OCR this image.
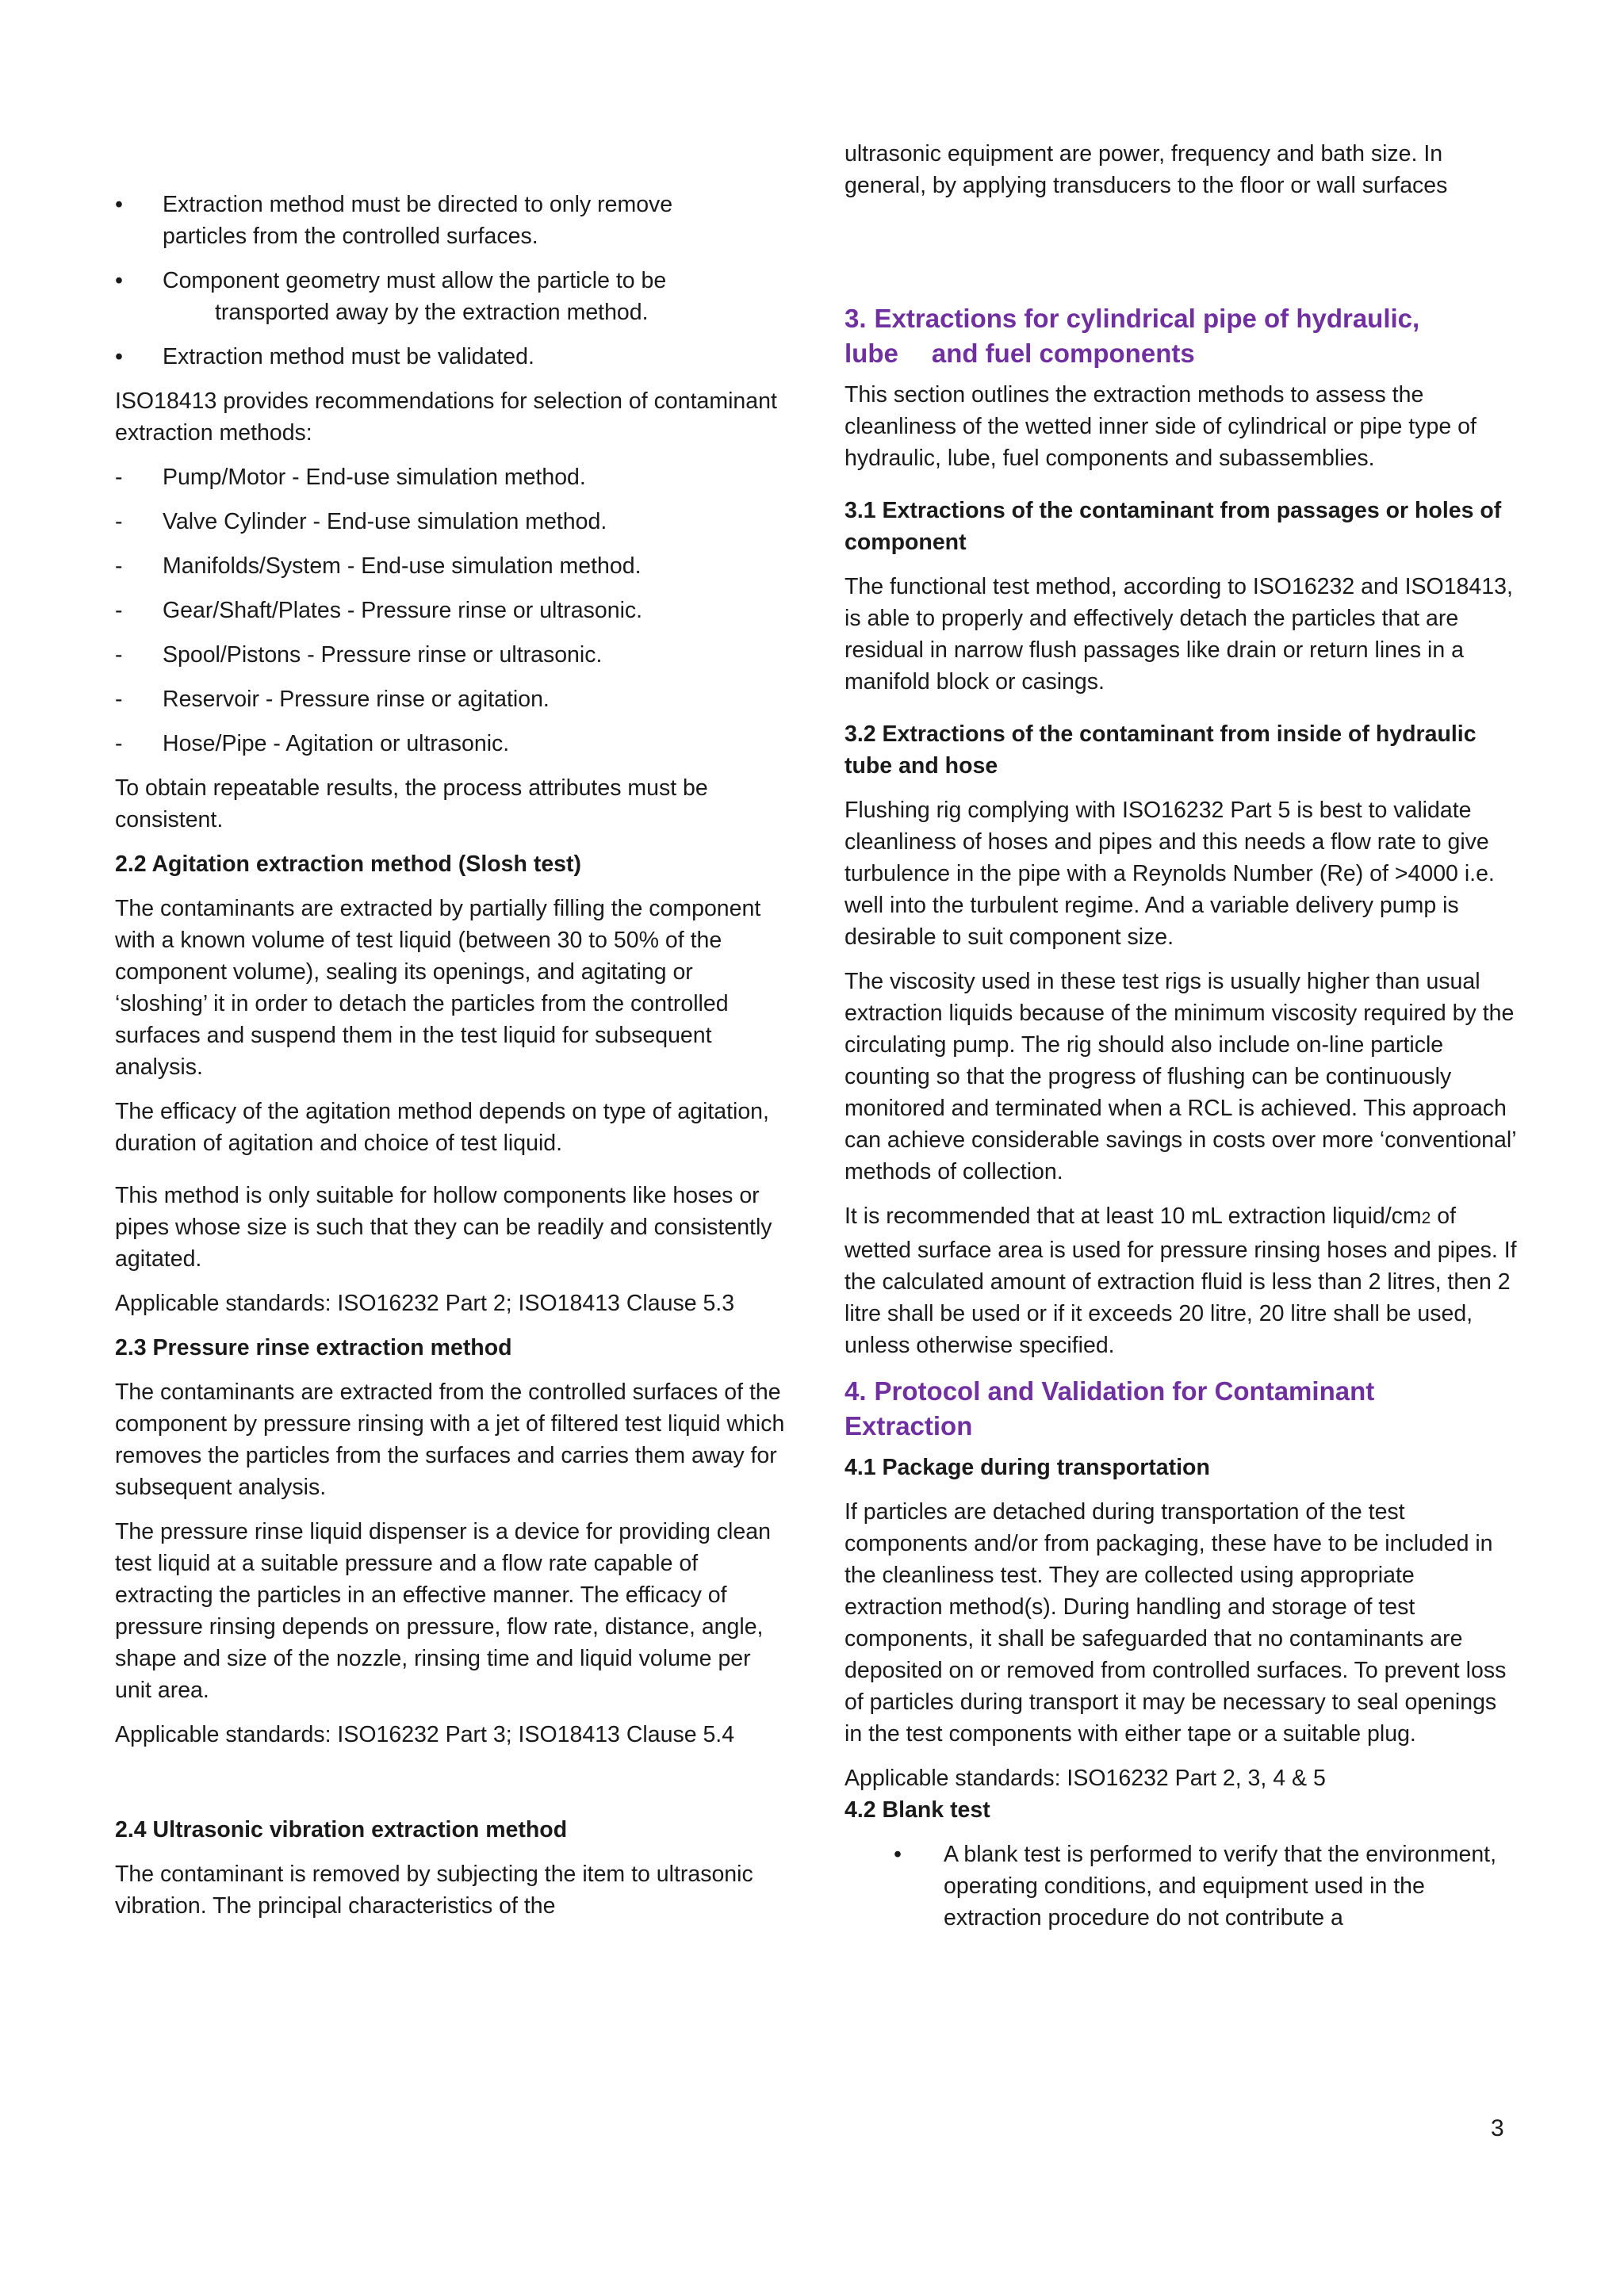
• Extraction method must be directed to only remove
particles from the controlled surfaces.
• Component geometry must allow the particle to be
transported away by the extraction method.
• Extraction method must be validated.

ISO18413 provides recommendations for selection of contaminant extraction methods:

- Pump/Motor - End-use simulation method.
- Valve Cylinder - End-use simulation method.
- Manifolds/System - End-use simulation method.
- Gear/Shaft/Plates - Pressure rinse or ultrasonic.
- Spool/Pistons - Pressure rinse or ultrasonic.
- Reservoir - Pressure rinse or agitation.
- Hose/Pipe - Agitation or ultrasonic.

To obtain repeatable results, the process attributes must be consistent.

2.2 Agitation extraction method (Slosh test)

The contaminants are extracted by partially filling the component with a known volume of test liquid (between 30 to 50% of the component volume), sealing its openings, and agitating or ‘sloshing’ it in order to detach the particles from the controlled surfaces and suspend them in the test liquid for subsequent analysis.

The efficacy of the agitation method depends on type of agitation, duration of agitation and choice of test liquid.

This method is only suitable for hollow components like hoses or pipes whose size is such that they can be readily and consistently agitated.

Applicable standards: ISO16232 Part 2; ISO18413 Clause 5.3

2.3 Pressure rinse extraction method

The contaminants are extracted from the controlled surfaces of the component by pressure rinsing with a jet of filtered test liquid which removes the particles from the surfaces and carries them away for subsequent analysis.

The pressure rinse liquid dispenser is a device for providing clean test liquid at a suitable pressure and a flow rate capable of extracting the particles in an effective manner. The efficacy of pressure rinsing depends on pressure, flow rate, distance, angle, shape and size of the nozzle, rinsing time and liquid volume per unit area.

Applicable standards: ISO16232 Part 3; ISO18413 Clause 5.4

2.4 Ultrasonic vibration extraction method

The contaminant is removed by subjecting the item to ultrasonic vibration. The principal characteristics of the

ultrasonic equipment are power, frequency and bath size. In general, by applying transducers to the floor or wall surfaces

3. Extractions for cylindrical pipe of hydraulic,
lube and fuel components

This section outlines the extraction methods to assess the cleanliness of the wetted inner side of cylindrical or pipe type of hydraulic, lube, fuel components and subassemblies.

3.1 Extractions of the contaminant from passages or holes of component

The functional test method, according to ISO16232 and ISO18413, is able to properly and effectively detach the particles that are residual in narrow flush passages like drain or return lines in a manifold block or casings.

3.2 Extractions of the contaminant from inside of hydraulic tube and hose

Flushing rig complying with ISO16232 Part 5 is best to validate cleanliness of hoses and pipes and this needs a flow rate to give turbulence in the pipe with a Reynolds Number (Re) of >4000 i.e. well into the turbulent regime. And a variable delivery pump is desirable to suit component size.

The viscosity used in these test rigs is usually higher than usual extraction liquids because of the minimum viscosity required by the circulating pump. The rig should also include on-line particle counting so that the progress of flushing can be continuously monitored and terminated when a RCL is achieved. This approach can achieve considerable savings in costs over more ‘conventional’ methods of collection.

It is recommended that at least 10 mL extraction liquid/cm2 of wetted surface area is used for pressure rinsing hoses and pipes. If the calculated amount of extraction fluid is less than 2 litres, then 2 litre shall be used or if it exceeds 20 litre, 20 litre shall be used, unless otherwise specified.

4. Protocol and Validation for Contaminant
Extraction
4.1 Package during transportation

If particles are detached during transportation of the test components and/or from packaging, these have to be included in the cleanliness test. They are collected using appropriate extraction method(s). During handling and storage of test components, it shall be safeguarded that no contaminants are deposited on or removed from controlled surfaces. To prevent loss of particles during transport it may be necessary to seal openings in the test components with either tape or a suitable plug.

Applicable standards: ISO16232 Part 2, 3, 4 & 5
4.2 Blank test
• A blank test is performed to verify that the environment, operating conditions, and equipment used in the extraction procedure do not contribute a
3
